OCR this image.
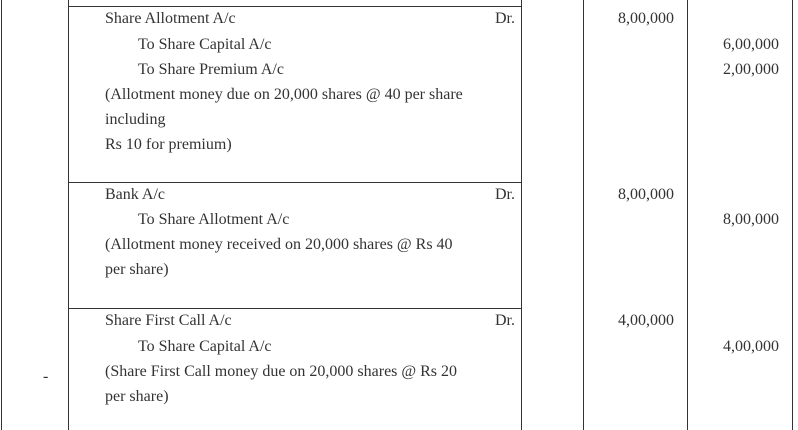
Share Allotment A/c	Dr.	8,00,000
To Share Capital A/c	6,00,000
To Share Premium A/c	2,00,000
(Allotment money due on 20,000 shares @ 40 per share
including
Rs 10 for premium)
Bank A/c	Dr.	8,00,000
To Share Allotment A/c	8,00,000
(Allotment money received on 20,000 shares @ Rs 40
per share)
Share First Call A/c	Dr.	4,00,000
To Share Capital A/c	4,00,000
(Share First Call money due on 20,000 shares @ Rs 20
per share)
-
